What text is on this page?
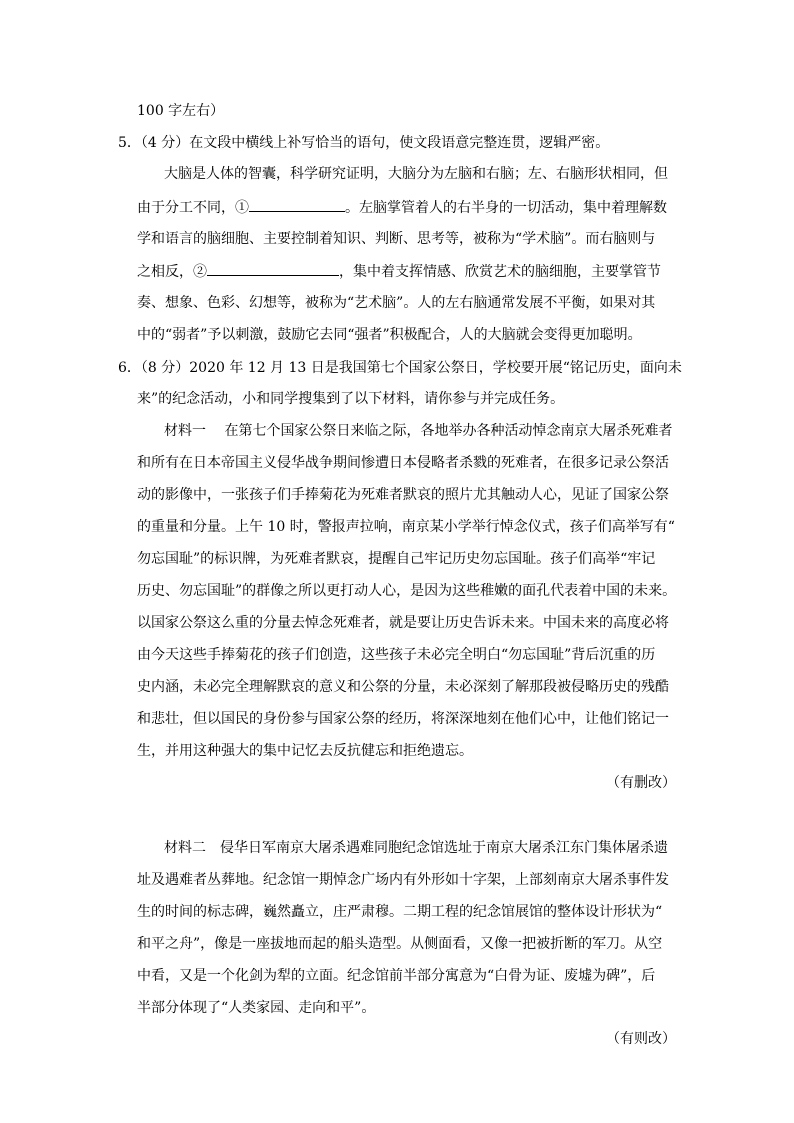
100 字左右）
5．（4 分）在文段中横线上补写恰当的语句，使文段语意完整连贯，逻辑严密。
大脑是人体的智囊，科学研究证明，大脑分为左脑和右脑；左、右脑形状相同，但
由于分工不同，①	。左脑掌管着人的右半身的一切活动，集中着理解数
学和语言的脑细胞、主要控制着知识、判断、思考等，被称为“学术脑”。而右脑则与
之相反，②	，集中着支挥情感、欣赏艺术的脑细胞，主要掌管节
奏、想象、色彩、幻想等，被称为“艺术脑”。人的左右脑通常发展不平衡，如果对其
中的“弱者”予以刺激，鼓励它去同“强者”积极配合，人的大脑就会变得更加聪明。
6．（8 分）2020 年 12 月 13 日是我国第七个国家公祭日，学校要开展“铭记历史，面向未
来”的纪念活动，小和同学搜集到了以下材料，请你参与并完成任务。
材料一　 在第七个国家公祭日来临之际，各地举办各种活动悼念南京大屠杀死难者
和所有在日本帝国主义侵华战争期间惨遭日本侵略者杀戮的死难者，在很多记录公祭活
动的影像中，一张孩子们手捧菊花为死难者默哀的照片尤其触动人心，见证了国家公祭
的重量和分量。上午 10 时，警报声拉响，南京某小学举行悼念仪式，孩子们高举写有“
勿忘国耻”的标识牌，为死难者默哀，提醒自己牢记历史勿忘国耻。孩子们高举“牢记
历史、勿忘国耻”的群像之所以更打动人心，是因为这些稚嫩的面孔代表着中国的未来。
以国家公祭这么重的分量去悼念死难者，就是要让历史告诉未来。中国未来的高度必将
由今天这些手捧菊花的孩子们创造，这些孩子未必完全明白“勿忘国耻”背后沉重的历
史内涵，未必完全理解默哀的意义和公祭的分量，未必深刻了解那段被侵略历史的残酷
和悲壮，但以国民的身份参与国家公祭的经历，将深深地刻在他们心中，让他们铭记一
生，并用这种强大的集中记忆去反抗健忘和拒绝遗忘。
（有删改）
材料二　侵华日军南京大屠杀遇难同胞纪念馆选址于南京大屠杀江东门集体屠杀遗
址及遇难者丛葬地。纪念馆一期悼念广场内有外形如十字架，上部刻南京大屠杀事件发
生的时间的标志碑，巍然矗立，庄严肃穆。二期工程的纪念馆展馆的整体设计形状为“
和平之舟”，像是一座拔地而起的船头造型。从侧面看，又像一把被折断的军刀。从空
中看，又是一个化剑为犁的立面。纪念馆前半部分寓意为“白骨为证、废墟为碑”，后
半部分体现了“人类家园、走向和平”。
（有则改）
